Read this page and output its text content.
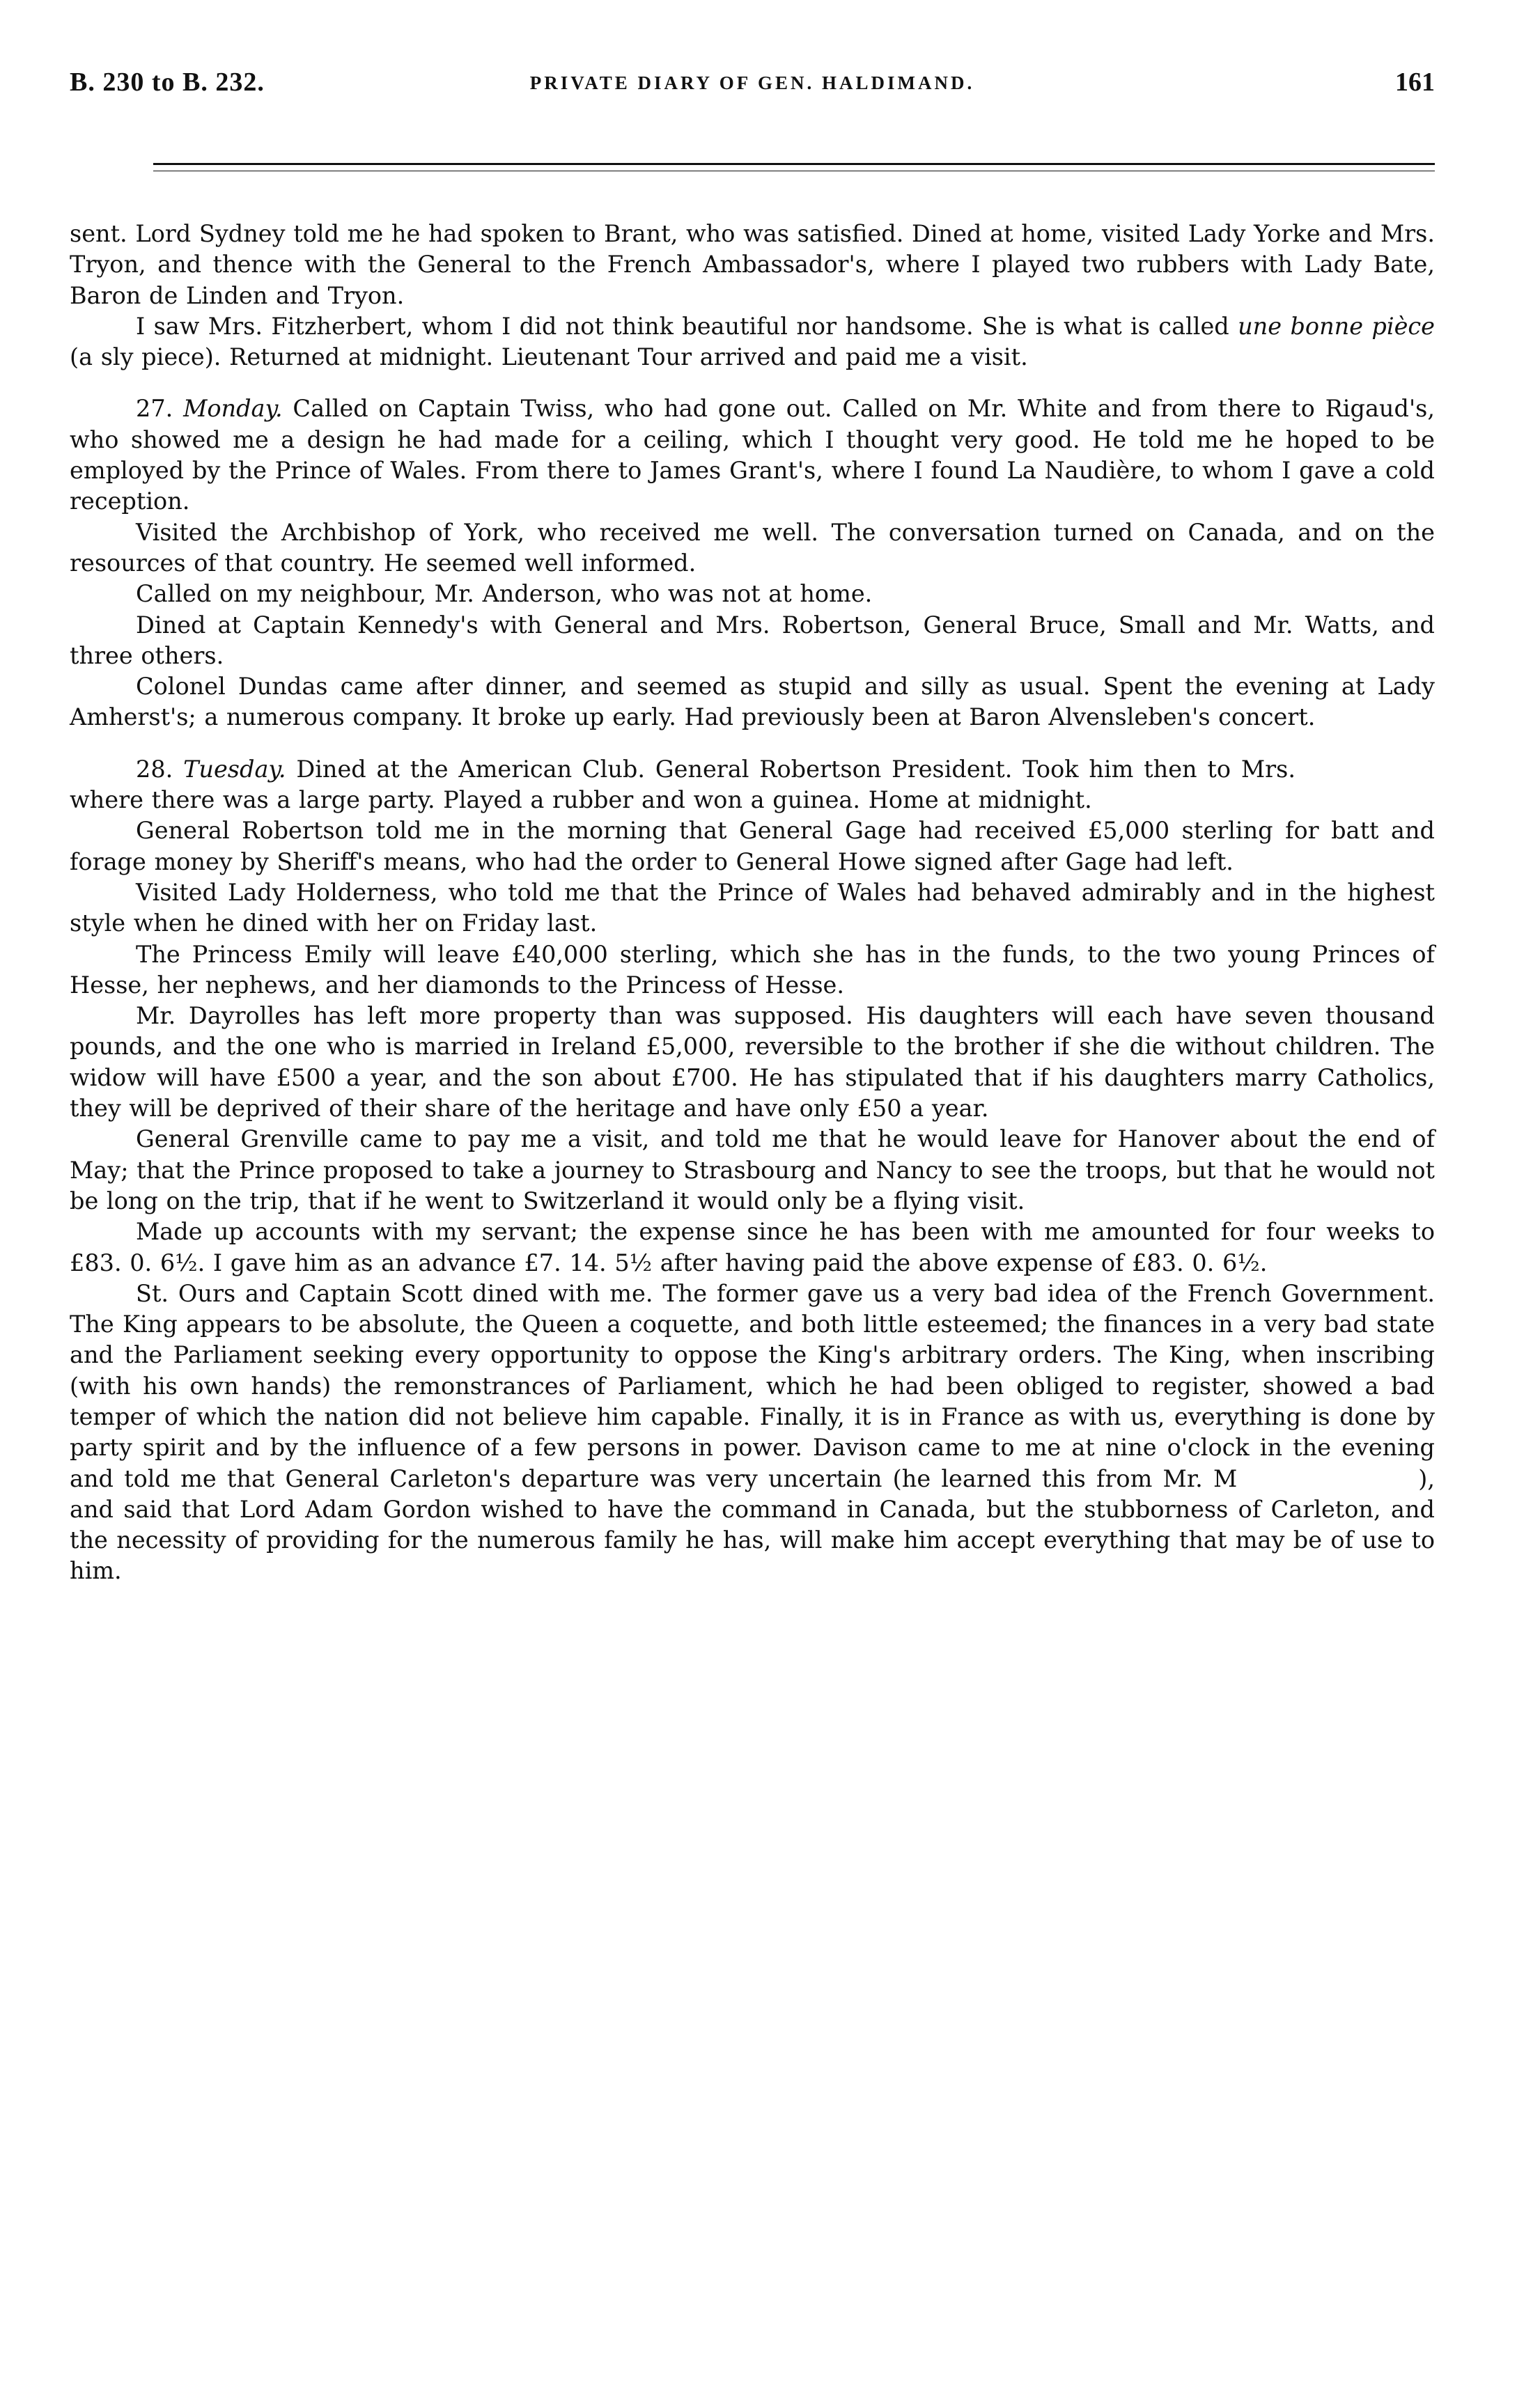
B. 230 to B. 232.	PRIVATE DIARY OF GEN. HALDIMAND.	161

sent. Lord Sydney told me he had spoken to Brant, who was satisfied. Dined at home, visited Lady Yorke and Mrs. Tryon, and thence with the General to the French Ambassador's, where I played two rubbers with Lady Bate, Baron de Linden and Tryon.

I saw Mrs. Fitzherbert, whom I did not think beautiful nor handsome. She is what is called une bonne pièce (a sly piece). Returned at midnight. Lieutenant Tour arrived and paid me a visit.

27. Monday. Called on Captain Twiss, who had gone out. Called on Mr. White and from there to Rigaud's, who showed me a design he had made for a ceiling, which I thought very good. He told me he hoped to be employed by the Prince of Wales. From there to James Grant's, where I found La Naudière, to whom I gave a cold reception.

Visited the Archbishop of York, who received me well. The conversation turned on Canada, and on the resources of that country. He seemed well informed.

Called on my neighbour, Mr. Anderson, who was not at home.

Dined at Captain Kennedy's with General and Mrs. Robertson, General Bruce, Small and Mr. Watts, and three others.

Colonel Dundas came after dinner, and seemed as stupid and silly as usual. Spent the evening at Lady Amherst's; a numerous company. It broke up early. Had previously been at Baron Alvensleben's concert.

28. Tuesday. Dined at the American Club. General Robertson President. Took him then to Mrs. where there was a large party. Played a rubber and won a guinea. Home at midnight.

General Robertson told me in the morning that General Gage had received £5,000 sterling for batt and forage money by Sheriff's means, who had the order to General Howe signed after Gage had left.

Visited Lady Holderness, who told me that the Prince of Wales had behaved admirably and in the highest style when he dined with her on Friday last.

The Princess Emily will leave £40,000 sterling, which she has in the funds, to the two young Princes of Hesse, her nephews, and her diamonds to the Princess of Hesse.

Mr. Dayrolles has left more property than was supposed. His daughters will each have seven thousand pounds, and the one who is married in Ireland £5,000, reversible to the brother if she die without children. The widow will have £500 a year, and the son about £700. He has stipulated that if his daughters marry Catholics, they will be deprived of their share of the heritage and have only £50 a year.

General Grenville came to pay me a visit, and told me that he would leave for Hanover about the end of May; that the Prince proposed to take a journey to Strasbourg and Nancy to see the troops, but that he would not be long on the trip, that if he went to Switzerland it would only be a flying visit.

Made up accounts with my servant; the expense since he has been with me amounted for four weeks to £83. 0. 6½. I gave him as an advance £7. 14. 5½ after having paid the above expense of £83. 0. 6½.

St. Ours and Captain Scott dined with me. The former gave us a very bad idea of the French Government. The King appears to be absolute, the Queen a coquette, and both little esteemed; the finances in a very bad state and the Parliament seeking every opportunity to oppose the King's arbitrary orders. The King, when inscribing (with his own hands) the remonstrances of Parliament, which he had been obliged to register, showed a bad temper of which the nation did not believe him capable. Finally, it is in France as with us, everything is done by party spirit and by the influence of a few persons in power. Davison came to me at nine o'clock in the evening and told me that General Carleton's departure was very uncertain (he learned this from Mr. M	), and said that Lord Adam Gordon wished to have the command in Canada, but the stubborness of Carleton, and the necessity of providing for the numerous family he has, will make him accept everything that may be of use to him.
